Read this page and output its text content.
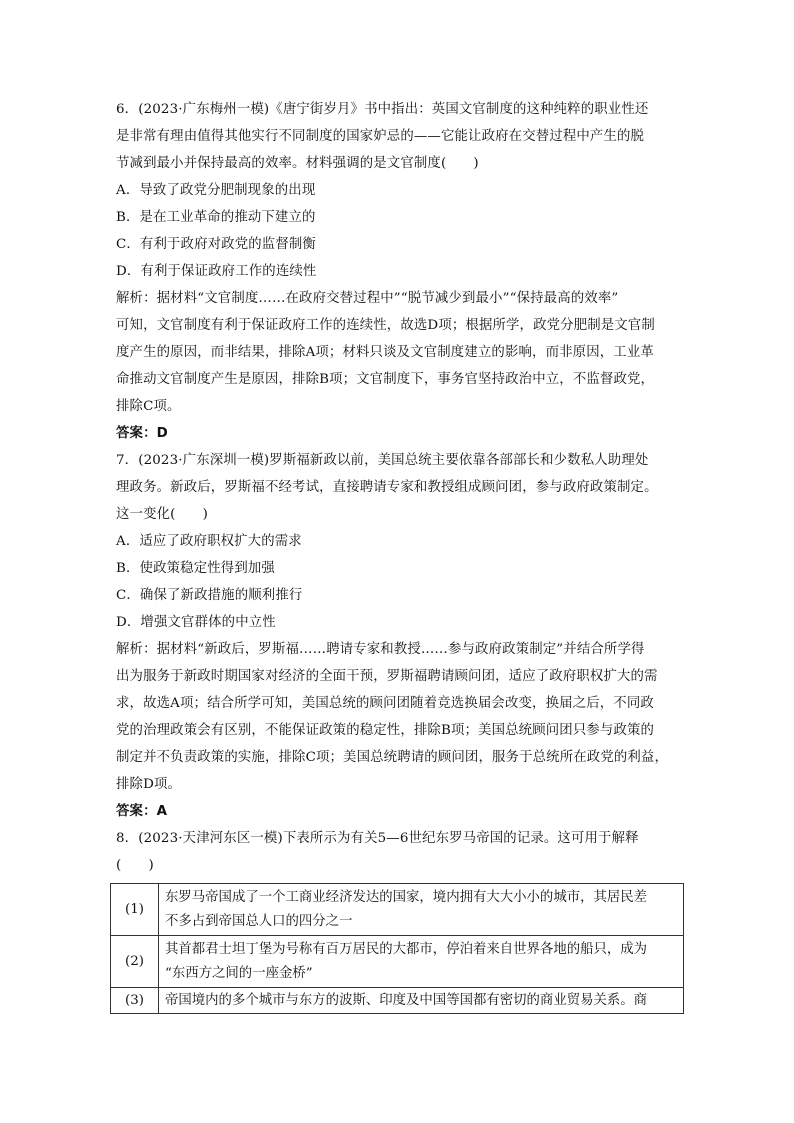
6．(2023·广东梅州一模)《唐宁街岁月》书中指出：英国文官制度的这种纯粹的职业性还
是非常有理由值得其他实行不同制度的国家妒忌的——它能让政府在交替过程中产生的脱
节减到最小并保持最高的效率。材料强调的是文官制度(　　)
A．导致了政党分肥制现象的出现
B．是在工业革命的推动下建立的
C．有利于政府对政党的监督制衡
D．有利于保证政府工作的连续性
解析：据材料“文官制度……在政府交替过程中”“脱节减少到最小”“保持最高的效率”
可知，文官制度有利于保证政府工作的连续性，故选D项；根据所学，政党分肥制是文官制
度产生的原因，而非结果，排除A项；材料只谈及文官制度建立的影响，而非原因，工业革
命推动文官制度产生是原因，排除B项；文官制度下，事务官坚持政治中立，不监督政党，
排除C项。
答案：D
7．(2023·广东深圳一模)罗斯福新政以前，美国总统主要依靠各部部长和少数私人助理处
理政务。新政后，罗斯福不经考试，直接聘请专家和教授组成顾问团，参与政府政策制定。
这一变化(　　)
A．适应了政府职权扩大的需求
B．使政策稳定性得到加强
C．确保了新政措施的顺利推行
D．增强文官群体的中立性
解析：据材料“新政后，罗斯福……聘请专家和教授……参与政府政策制定”并结合所学得
出为服务于新政时期国家对经济的全面干预，罗斯福聘请顾问团，适应了政府职权扩大的需
求，故选A项；结合所学可知，美国总统的顾问团随着竞选换届会改变，换届之后，不同政
党的治理政策会有区别，不能保证政策的稳定性，排除B项；美国总统顾问团只参与政策的
制定并不负责政策的实施，排除C项；美国总统聘请的顾问团，服务于总统所在政党的利益，
排除D项。
答案：A
8．(2023·天津河东区一模)下表所示为有关5—6世纪东罗马帝国的记录。这可用于解释
(　　)
(1)	东罗马帝国成了一个工商业经济发达的国家，境内拥有大大小小的城市，其居民差
不多占到帝国总人口的四分之一

(2)	其首都君士坦丁堡为号称有百万居民的大都市，停泊着来自世界各地的船只，成为
“东西方之间的一座金桥”

(3)	帝国境内的多个城市与东方的波斯、印度及中国等国都有密切的商业贸易关系。商
